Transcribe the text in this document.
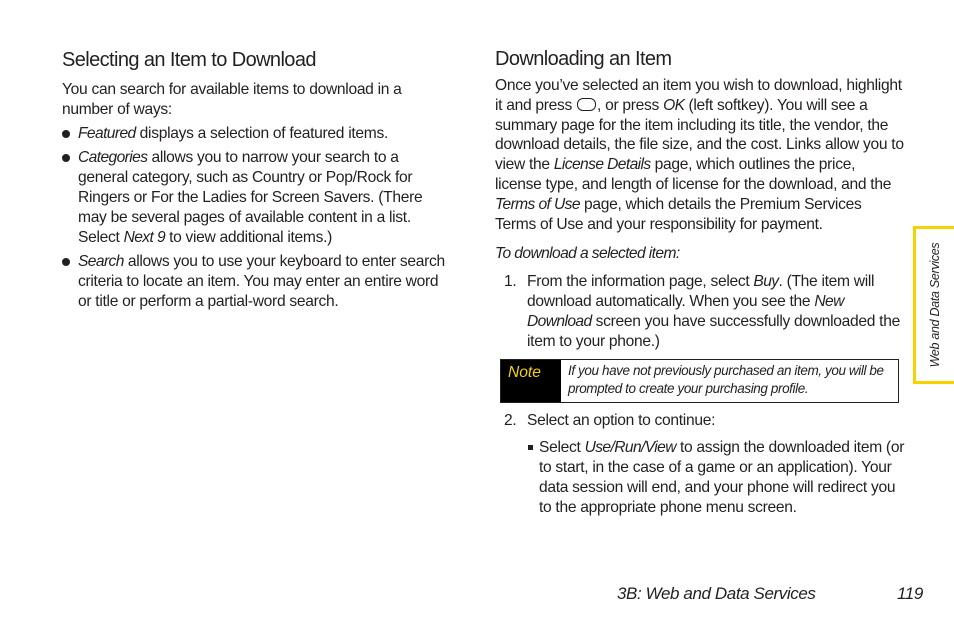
Selecting an Item to Download

You can search for available items to download in a number of ways:

Featured displays a selection of featured items.
Categories allows you to narrow your search to a general category, such as Country or Pop/Rock for Ringers or For the Ladies for Screen Savers. (There may be several pages of available content in a list. Select Next 9 to view additional items.)
Search allows you to use your keyboard to enter search criteria to locate an item. You may enter an entire word or title or perform a partial-word search.
Downloading an Item

Once you’ve selected an item you wish to download, highlight it and press , or press OK (left softkey). You will see a summary page for the item including its title, the vendor, the download details, the file size, and the cost. Links allow you to view the License Details page, which outlines the price, license type, and length of license for the download, and the Terms of Use page, which details the Premium Services Terms of Use and your responsibility for payment.

To download a selected item:
1. From the information page, select Buy. (The item will download automatically. When you see the New Download screen you have successfully downloaded the item to your phone.)
Note	If you have not previously purchased an item, you will be prompted to create your purchasing profile.
2. Select an option to continue:
Select Use/Run/View to assign the downloaded item (or to start, in the case of a game or an application). Your data session will end, and your phone will redirect you to the appropriate phone menu screen.
Web and Data Services
3B: Web and Data Services	119
